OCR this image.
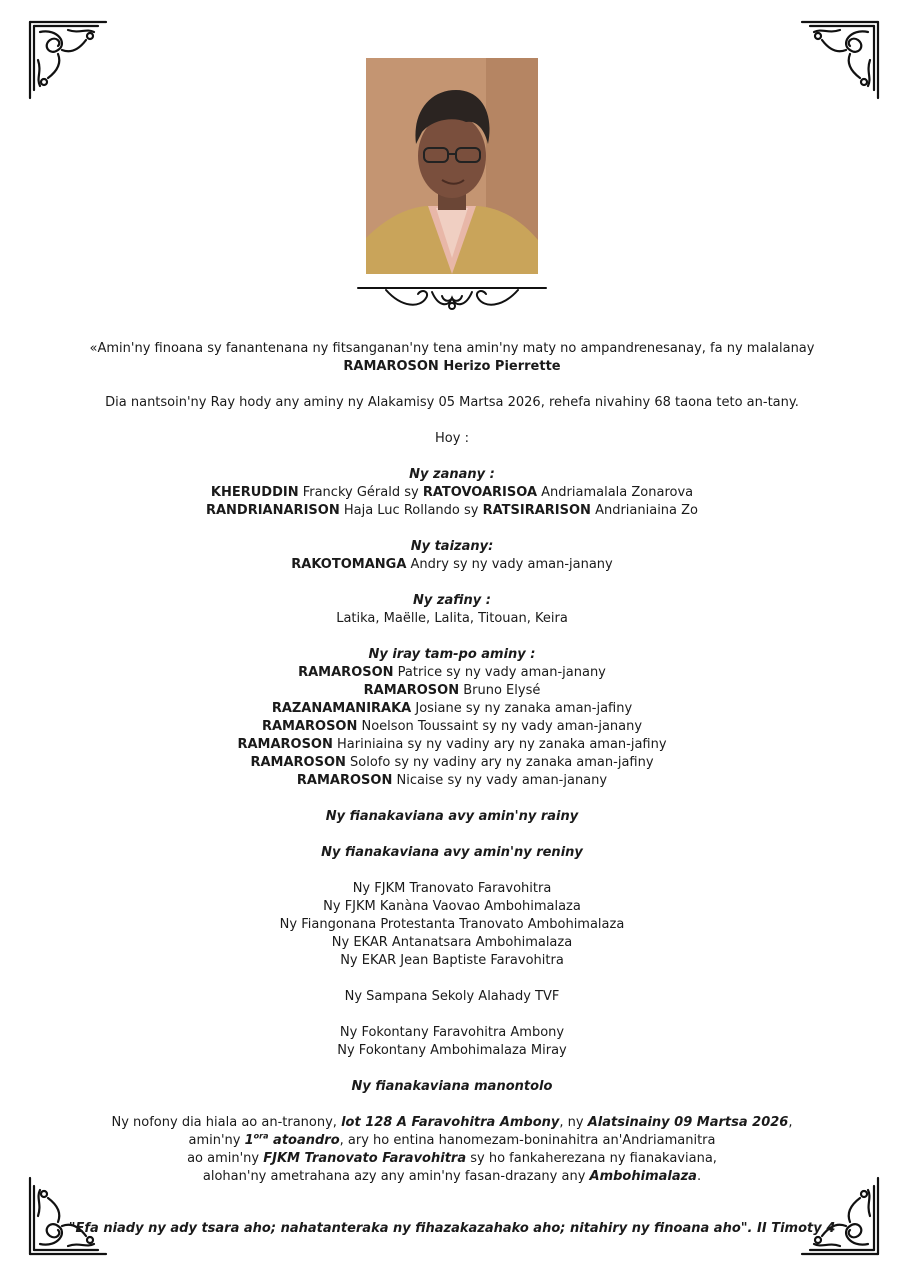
«Amin'ny finoana sy fanantenana ny fitsanganan'ny tena amin'ny maty no ampandrenesanay, fa ny malalanay

RAMAROSON Herizo Pierrette

Dia nantsoin'ny Ray hody any aminy ny Alakamisy 05 Martsa 2026, rehefa nivahiny 68 taona teto an-tany.

Hoy :

Ny zanany :

KHERUDDIN Francky Gérald sy RATOVOARISOA Andriamalala Zonarova

RANDRIANARISON Haja Luc Rollando sy RATSIRARISON Andrianiaina Zo

Ny taizany:

RAKOTOMANGA Andry sy ny vady aman-janany

Ny zafiny :

Latika, Maëlle, Lalita, Titouan, Keira

Ny iray tam-po aminy :

RAMAROSON Patrice sy ny vady aman-janany

RAMAROSON Bruno Elysé

RAZANAMANIRAKA Josiane sy ny zanaka aman-jafiny

RAMAROSON Noelson Toussaint sy ny vady aman-janany

RAMAROSON Hariniaina sy ny vadiny ary ny zanaka aman-jafiny

RAMAROSON Solofo sy ny vadiny ary ny zanaka aman-jafiny

RAMAROSON Nicaise sy ny vady aman-janany

Ny fianakaviana avy amin'ny rainy

Ny fianakaviana avy amin'ny reniny

Ny FJKM Tranovato Faravohitra

Ny FJKM Kanàna Vaovao Ambohimalaza

Ny Fiangonana Protestanta Tranovato Ambohimalaza

Ny EKAR Antanatsara Ambohimalaza

Ny EKAR Jean Baptiste Faravohitra

Ny Sampana Sekoly Alahady TVF

Ny Fokontany Faravohitra Ambony

Ny Fokontany Ambohimalaza Miray

Ny fianakaviana manontolo

Ny nofony dia hiala ao an-tranony, lot 128 A Faravohitra Ambony, ny Alatsinainy 09 Martsa 2026,

amin'ny $1^{ora}$ atoandro, ary ho entina hanomezam-boninahitra an'Andriamanitra

ao amin'ny FJKM Tranovato Faravohitra sy ho fankaherezana ny fianakaviana,

alohan'ny ametrahana azy any amin'ny fasan-drazany any Ambohimalaza.

"Efa niady ny ady tsara aho; nahatanteraka ny fihazakazahako aho; nitahiry ny finoana aho". II Timoty 4
